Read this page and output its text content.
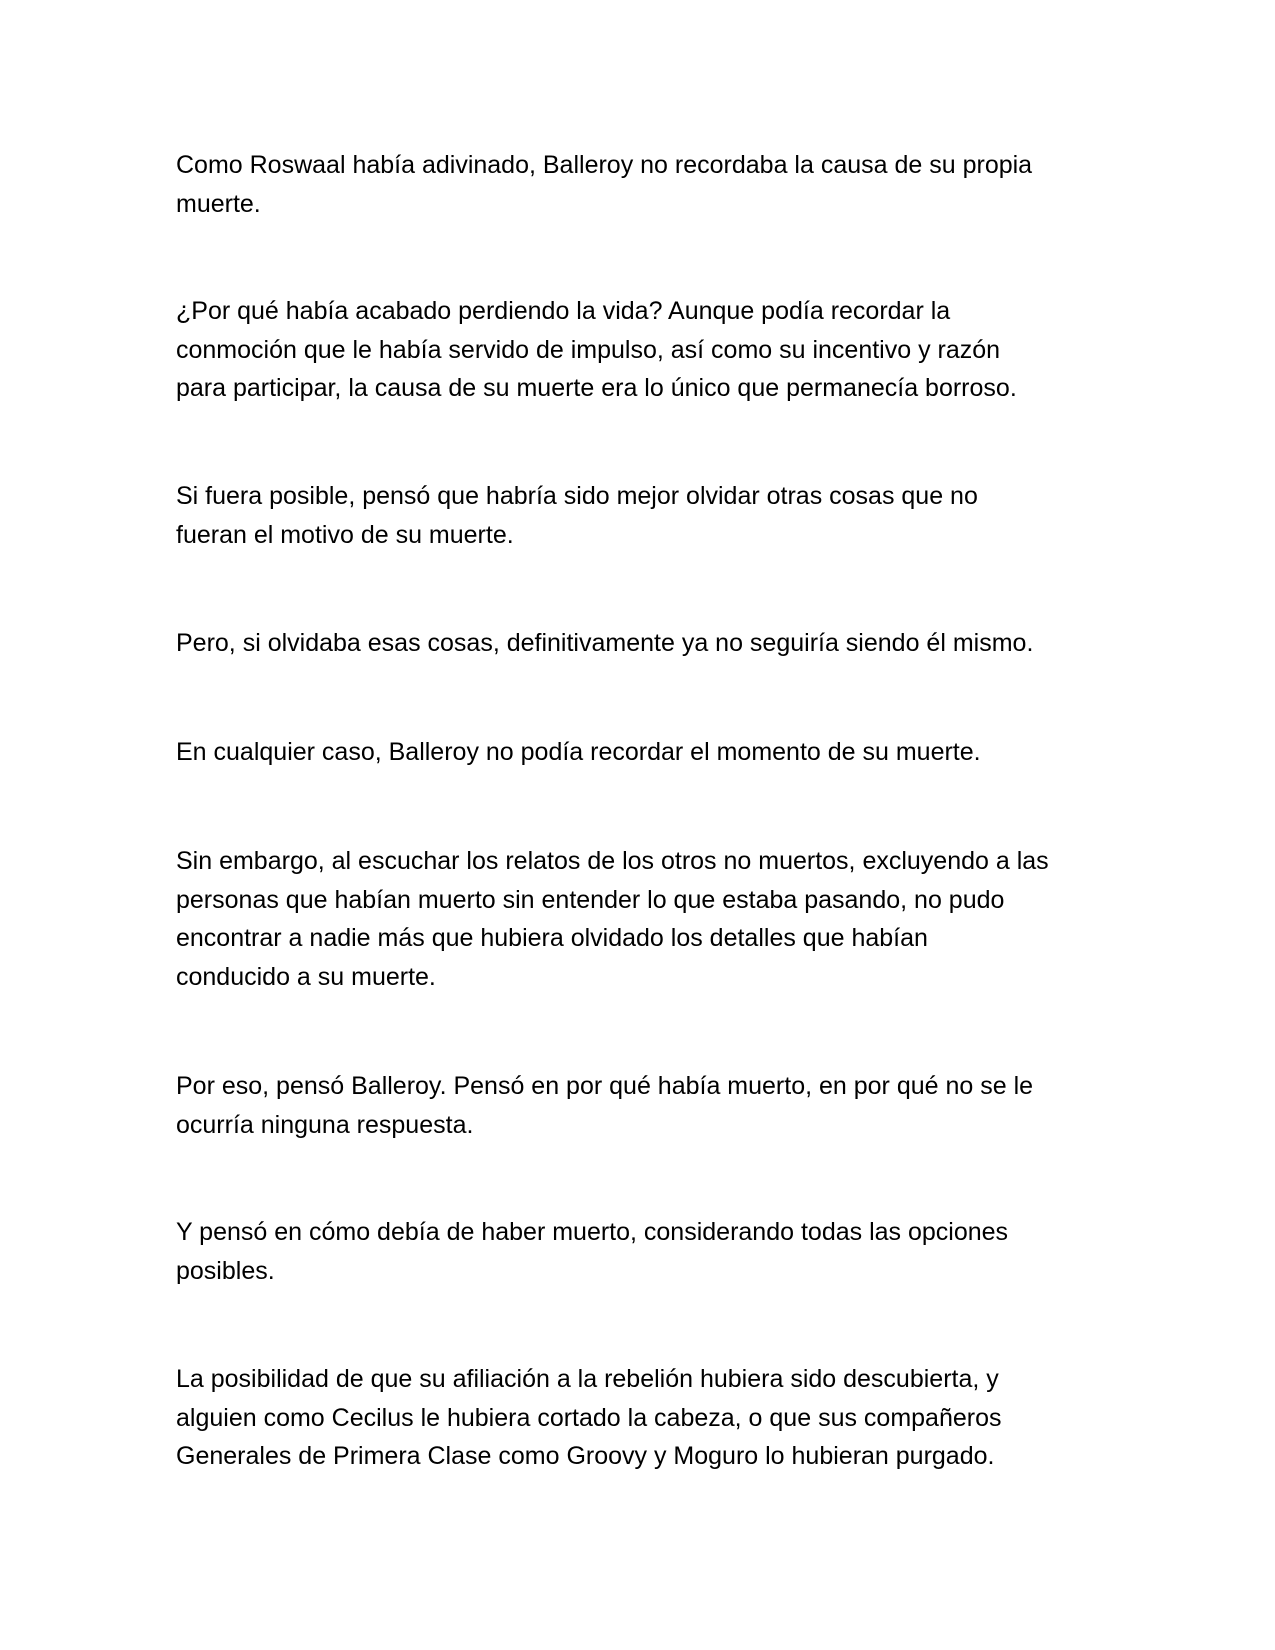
Como Roswaal había adivinado, Balleroy no recordaba la causa de su propia
muerte.

¿Por qué había acabado perdiendo la vida? Aunque podía recordar la
conmoción que le había servido de impulso, así como su incentivo y razón
para participar, la causa de su muerte era lo único que permanecía borroso.

Si fuera posible, pensó que habría sido mejor olvidar otras cosas que no
fueran el motivo de su muerte.

Pero, si olvidaba esas cosas, definitivamente ya no seguiría siendo él mismo.

En cualquier caso, Balleroy no podía recordar el momento de su muerte.

Sin embargo, al escuchar los relatos de los otros no muertos, excluyendo a las
personas que habían muerto sin entender lo que estaba pasando, no pudo
encontrar a nadie más que hubiera olvidado los detalles que habían
conducido a su muerte.

Por eso, pensó Balleroy. Pensó en por qué había muerto, en por qué no se le
ocurría ninguna respuesta.

Y pensó en cómo debía de haber muerto, considerando todas las opciones
posibles.

La posibilidad de que su afiliación a la rebelión hubiera sido descubierta, y
alguien como Cecilus le hubiera cortado la cabeza, o que sus compañeros
Generales de Primera Clase como Groovy y Moguro lo hubieran purgado.
